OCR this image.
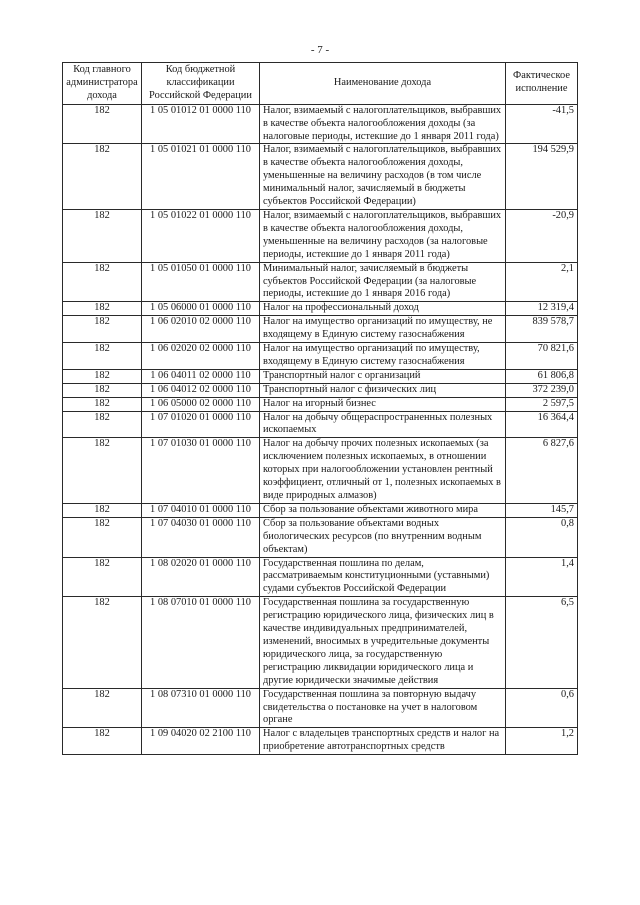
- 7 -
Код главного администратора дохода	Код бюджетной классификации Российской Федерации	Наименование дохода	Фактическое исполнение
182	1 05 01012 01 0000 110	Налог, взимаемый с налогоплательщиков, выбравших в качестве объекта налогообложения доходы (за налоговые периоды, истекшие до 1 января 2011 года)	-41,5
182	1 05 01021 01 0000 110	Налог, взимаемый с налогоплательщиков, выбравших в качестве объекта налогообложения доходы, уменьшенные на величину расходов (в том числе минимальный налог, зачисляемый в бюджеты субъектов Российской Федерации)	194 529,9
182	1 05 01022 01 0000 110	Налог, взимаемый с налогоплательщиков, выбравших в качестве объекта налогообложения доходы, уменьшенные на величину расходов (за налоговые периоды, истекшие до 1 января 2011 года)	-20,9
182	1 05 01050 01 0000 110	Минимальный налог, зачисляемый в бюджеты субъектов Российской Федерации (за налоговые периоды, истекшие до 1 января 2016 года)	2,1
182	1 05 06000 01 0000 110	Налог на профессиональный доход	12 319,4
182	1 06 02010 02 0000 110	Налог на имущество организаций по имуществу, не входящему в Единую систему газоснабжения	839 578,7
182	1 06 02020 02 0000 110	Налог на имущество организаций по имуществу, входящему в Единую систему газоснабжения	70 821,6
182	1 06 04011 02 0000 110	Транспортный налог с организаций	61 806,8
182	1 06 04012 02 0000 110	Транспортный налог с физических лиц	372 239,0
182	1 06 05000 02 0000 110	Налог на игорный бизнес	2 597,5
182	1 07 01020 01 0000 110	Налог на добычу общераспространенных полезных ископаемых	16 364,4
182	1 07 01030 01 0000 110	Налог на добычу прочих полезных ископаемых (за исключением полезных ископаемых, в отношении которых при налогообложении установлен рентный коэффициент, отличный от 1, полезных ископаемых в виде природных алмазов)	6 827,6
182	1 07 04010 01 0000 110	Сбор за пользование объектами животного мира	145,7
182	1 07 04030 01 0000 110	Сбор за пользование объектами водных биологических ресурсов (по внутренним водным объектам)	0,8
182	1 08 02020 01 0000 110	Государственная пошлина по делам, рассматриваемым конституционными (уставными) судами субъектов Российской Федерации	1,4
182	1 08 07010 01 0000 110	Государственная пошлина за государственную регистрацию юридического лица, физических лиц в качестве индивидуальных предпринимателей, изменений, вносимых в учредительные документы юридического лица, за государственную регистрацию ликвидации юридического лица и другие юридически значимые действия	6,5
182	1 08 07310 01 0000 110	Государственная пошлина за повторную выдачу свидетельства о постановке на учет в налоговом органе	0,6
182	1 09 04020 02 2100 110	Налог с владельцев транспортных средств и налог на приобретение автотранспортных средств	1,2
